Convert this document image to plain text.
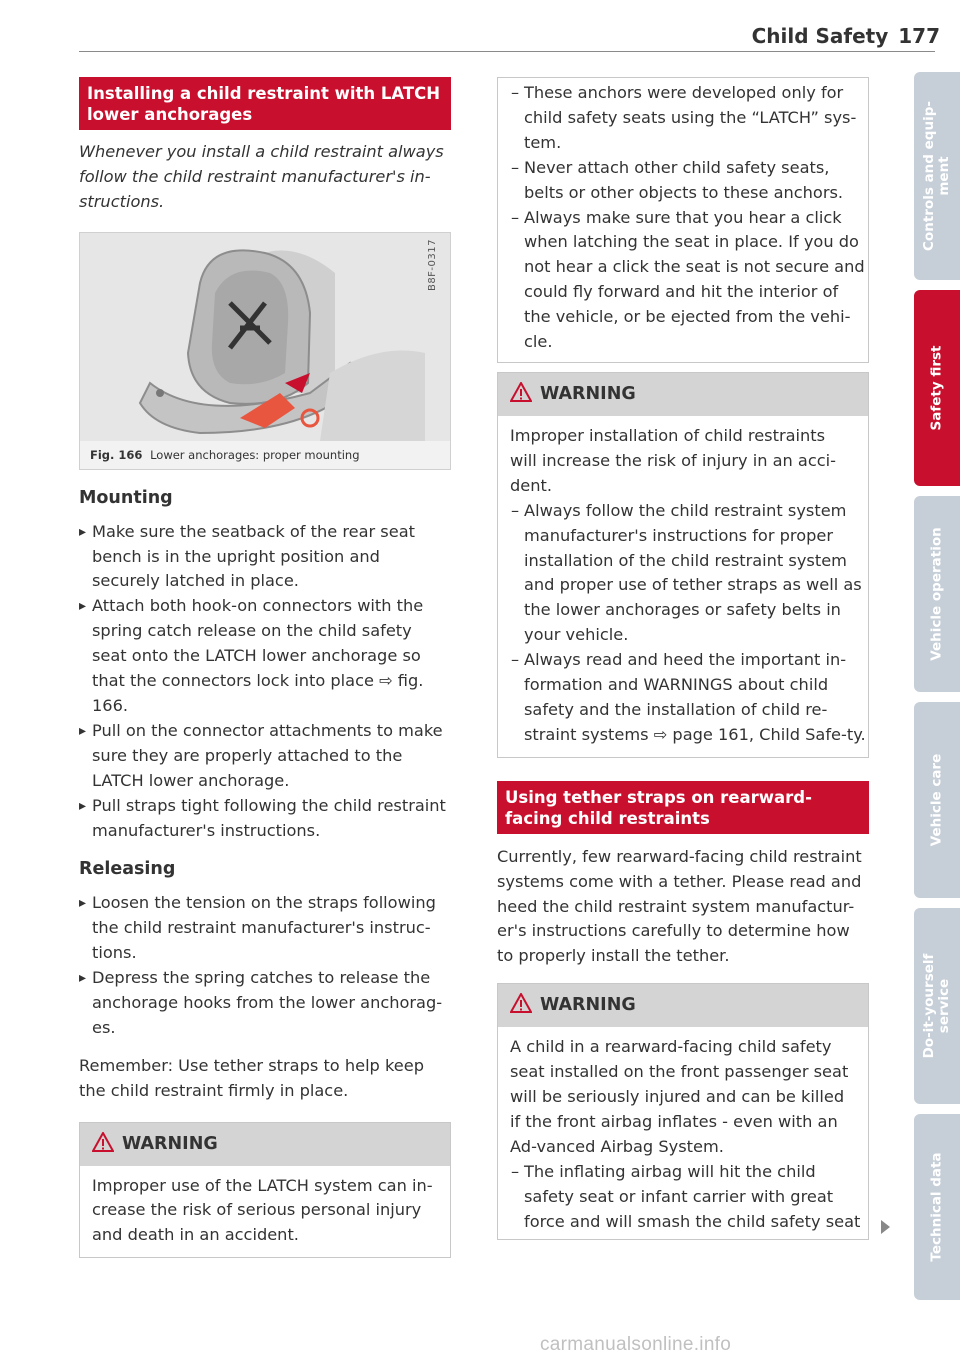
Child Safety 177
Installing a child restraint with LATCH lower anchorages

Whenever you install a child restraint always follow the child restraint manufacturer's in-structions.

B8F-0317
Fig. 166 Lower anchorages: proper mounting
Mounting

▸ Make sure the seatback of the rear seat bench is in the upright position and securely latched in place.

▸ Attach both hook-on connectors with the spring catch release on the child safety seat onto the LATCH lower anchorage so that the connectors lock into place ⇨ fig. 166.

▸ Pull on the connector attachments to make sure they are properly attached to the LATCH lower anchorage.

▸ Pull straps tight following the child restraint manufacturer's instructions.

Releasing

▸ Loosen the tension on the straps following the child restraint manufacturer's instruc-tions.

▸ Depress the spring catches to release the anchorage hooks from the lower anchorag-es.

Remember: Use tether straps to help keep the child restraint firmly in place.

WARNING
Improper use of the LATCH system can in-crease the risk of serious personal injury and death in an accident.

– These anchors were developed only for child safety seats using the “LATCH” sys-tem.

– Never attach other child safety seats, belts or other objects to these anchors.

– Always make sure that you hear a click when latching the seat in place. If you do not hear a click the seat is not secure and could fly forward and hit the interior of the vehicle, or be ejected from the vehi-cle.

WARNING

Improper installation of child restraints will increase the risk of injury in an acci-dent.

– Always follow the child restraint system manufacturer's instructions for proper installation of the child restraint system and proper use of tether straps as well as the lower anchorages or safety belts in your vehicle.

– Always read and heed the important in-formation and WARNINGS about child safety and the installation of child re-straint systems ⇨ page 161, Child Safe-ty.

Using tether straps on rearward-facing child restraints

Currently, few rearward-facing child restraint systems come with a tether. Please read and heed the child restraint system manufactur-er's instructions carefully to determine how to properly install the tether.

WARNING

A child in a rearward-facing child safety seat installed on the front passenger seat will be seriously injured and can be killed if the front airbag inflates - even with an Ad-vanced Airbag System.

– The inflating airbag will hit the child safety seat or infant carrier with great force and will smash the child safety seat

Controls and equip-
ment
Safety first
Vehicle operation
Vehicle care
Do-it-yourself
service
Technical data
carmanualsonline.info
